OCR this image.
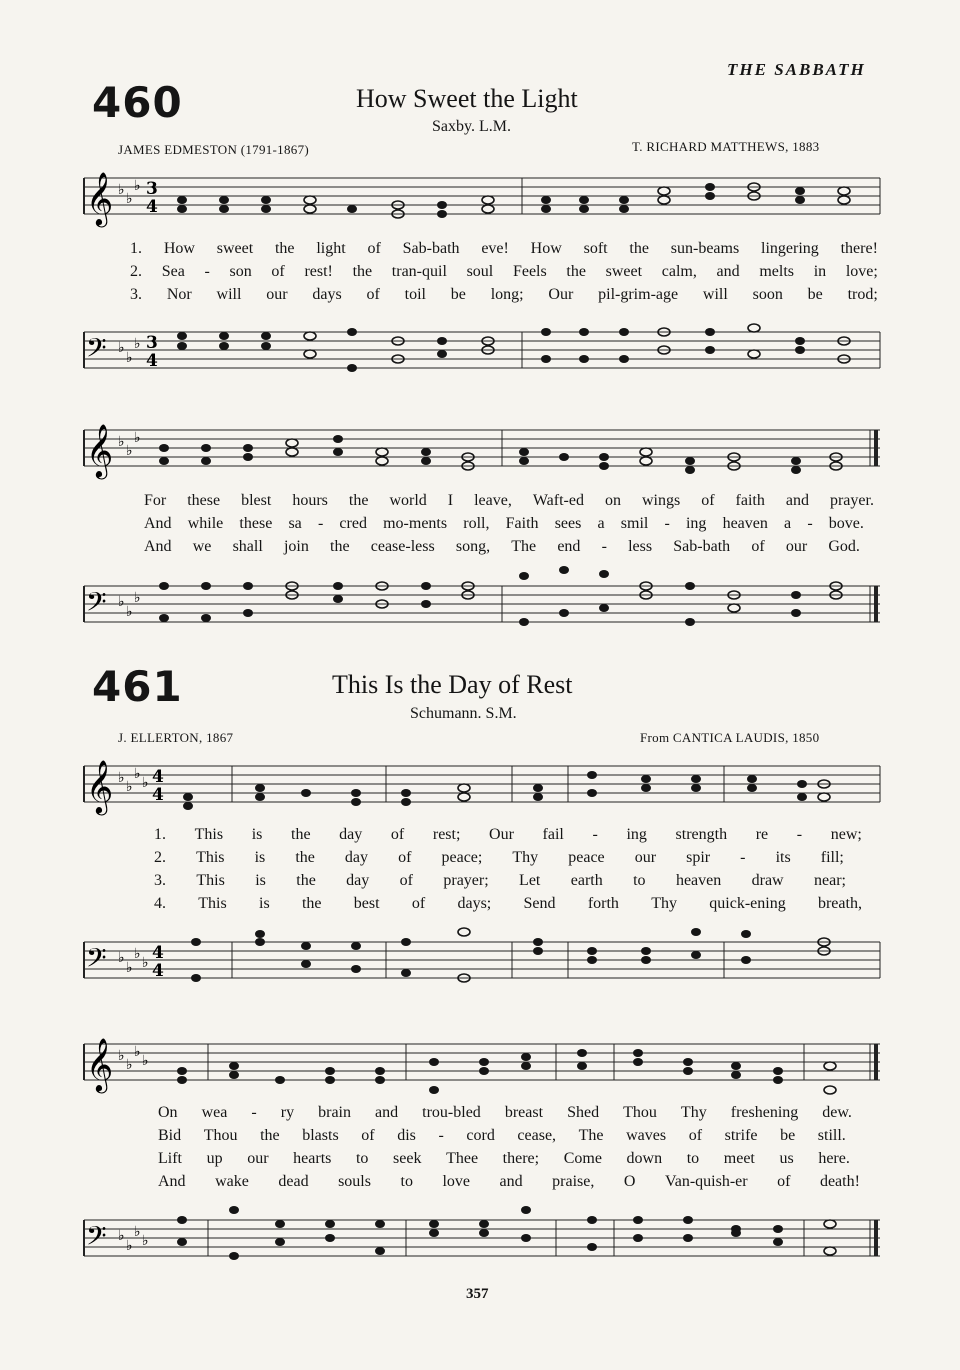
THE SABBATH
460	How Sweet the Light
Saxby. L.M.
JAMES EDMESTON (1791-1867)	T. RICHARD MATTHEWS, 1883
𝄞 ♭
♭
♭ 3
4
1. How sweet the light of Sab-bath eve! How soft the sun-beams lingering there!
2. Sea - son of rest! the tran-quil soul Feels the sweet calm, and melts in love;
3. Nor will our days of toil be long; Our pil-grim-age will soon be trod;
𝄢 ♭
♭
♭ 3
4
𝄞 ♭
♭
♭
For these blest hours the world I leave, Waft-ed on wings of faith and prayer.
And while these sa - cred mo-ments roll, Faith sees a smil - ing heaven a - bove.
And we shall join the cease-less song, The end - less Sab-bath of our God.
𝄢 ♭
♭
♭
461	This Is the Day of Rest
Schumann. S.M.
J. ELLERTON, 1867	From CANTICA LAUDIS, 1850
𝄞 ♭
♭
♭
♭ 4
4
1. This is the day of rest; Our fail - ing strength re - new;
2. This is the day of peace; Thy peace our spir - its fill;
3. This is the day of prayer; Let earth to heaven draw near;
4. This is the best of days; Send forth Thy quick-ening breath,
𝄢 ♭
♭
♭
♭ 4
4
𝄞 ♭
♭
♭
♭
On wea - ry brain and trou-bled breast Shed Thou Thy freshening dew.
Bid Thou the blasts of dis - cord cease, The waves of strife be still.
Lift up our hearts to seek Thee there; Come down to meet us here.
And wake dead souls to love and praise, O Van-quish-er of death!
𝄢 ♭
♭
♭
♭
357
